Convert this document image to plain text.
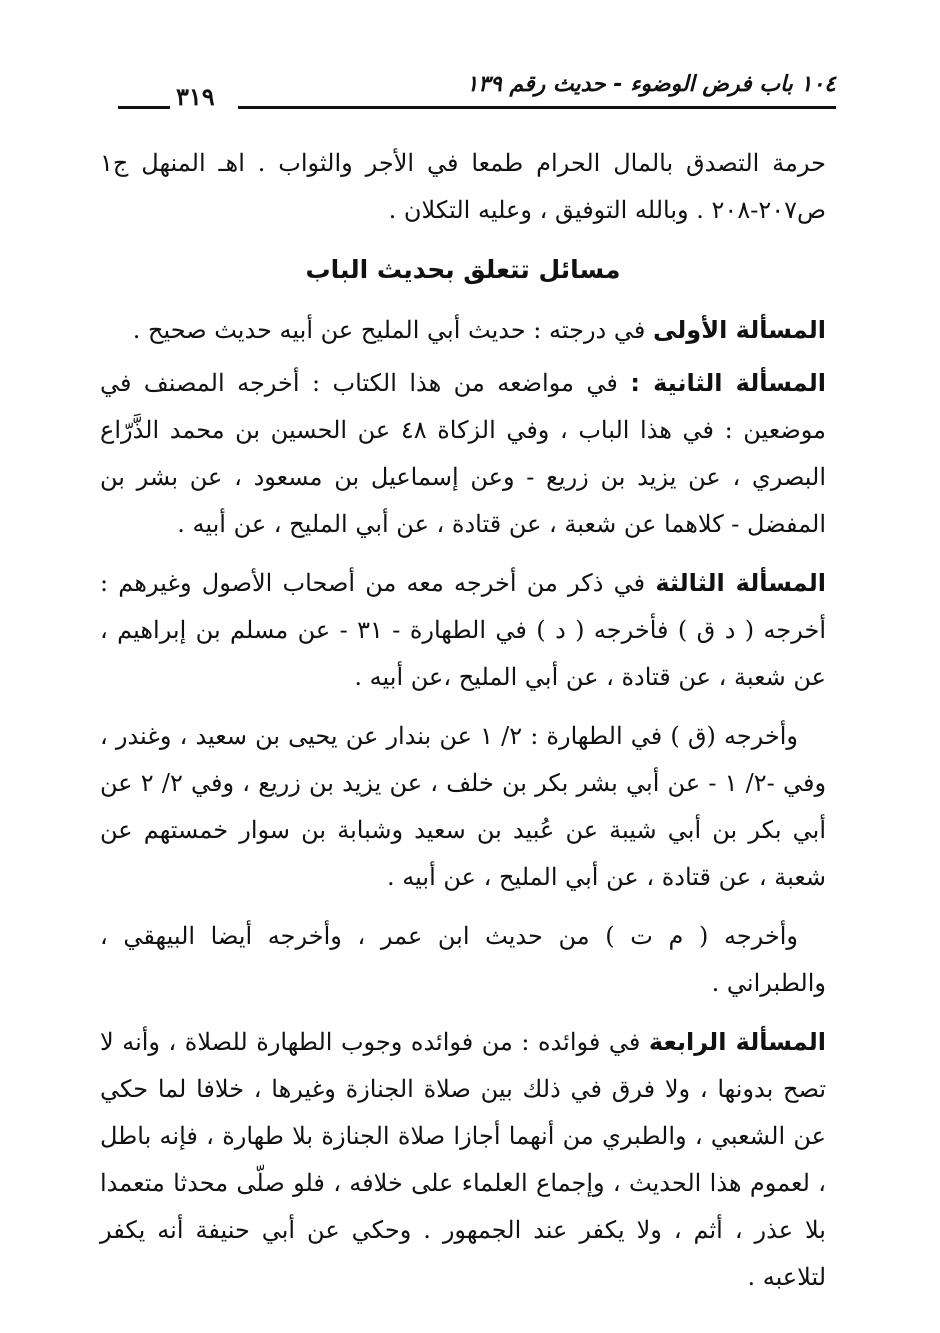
١٠٤ باب فرض الوضوء - حديث رقم ١٣٩
٣١٩

حرمة التصدق بالمال الحرام طمعا في الأجر والثواب . اهـ المنهل ج١ ص٢٠٧-٢٠٨ . وبالله التوفيق ، وعليه التكلان .

مسائل تتعلق بحديث الباب

المسألة الأولى في درجته : حديث أبي المليح عن أبيه حديث صحيح .

المسألة الثانية : في مواضعه من هذا الكتاب : أخرجه المصنف في موضعين : في هذا الباب ، وفي الزكاة ٤٨ عن الحسين بن محمد الذَّرّاع البصري ، عن يزيد بن زريع - وعن إسماعيل بن مسعود ، عن بشر بن المفضل - كلاهما عن شعبة ، عن قتادة ، عن أبي المليح ، عن أبيه .

المسألة الثالثة في ذكر من أخرجه معه من أصحاب الأصول وغيرهم : أخرجه ( د ق ) فأخرجه ( د ) في الطهارة - ٣١ - عن مسلم بن إبراهيم ، عن شعبة ، عن قتادة ، عن أبي المليح ،عن أبيه .

وأخرجه (ق ) في الطهارة : ٢/ ١ عن بندار عن يحيى بن سعيد ، وغندر ، وفي -٢/ ١ - عن أبي بشر بكر بن خلف ، عن يزيد بن زريع ، وفي ٢/ ٢ عن أبي بكر بن أبي شيبة عن عُبيد بن سعيد وشبابة بن سوار خمستهم عن شعبة ، عن قتادة ، عن أبي المليح ، عن أبيه .

وأخرجه ( م ت ) من حديث ابن عمر ، وأخرجه أيضا البيهقي ، والطبراني .

المسألة الرابعة في فوائده : من فوائده وجوب الطهارة للصلاة ، وأنه لا تصح بدونها ، ولا فرق في ذلك بين صلاة الجنازة وغيرها ، خلافا لما حكي عن الشعبي ، والطبري من أنهما أجازا صلاة الجنازة بلا طهارة ، فإنه باطل ، لعموم هذا الحديث ، وإجماع العلماء على خلافه ، فلو صلّى محدثا متعمدا بلا عذر ، أثم ، ولا يكفر عند الجمهور . وحكي عن أبي حنيفة أنه يكفر لتلاعبه .
